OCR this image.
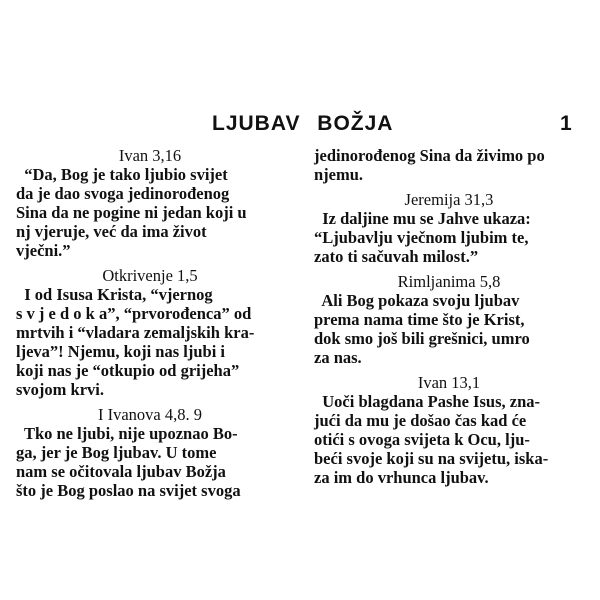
LJUBAV BOŽJA	1
Ivan 3,16
“Da, Bog je tako ljubio svijet
da je dao svoga jedinorođenog
Sina da ne pogine ni jedan koji u
nj vjeruje, već da ima život
vječni.”
Otkrivenje 1,5
I od Isusa Krista, “vjernog
s v j e d o k a”, “prvorođenca” od
mrtvih i “vladara zemaljskih kra-
ljeva”! Njemu, koji nas ljubi i
koji nas je “otkupio od grijeha”
svojom krvi.
I Ivanova 4,8. 9
Tko ne ljubi, nije upoznao Bo-
ga, jer je Bog ljubav. U tome
nam se očitovala ljubav Božja
što je Bog poslao na svijet svoga
jedinorođenog Sina da živimo po
njemu.
Jeremija 31,3
Iz daljine mu se Jahve ukaza:
“Ljubavlju vječnom ljubim te,
zato ti sačuvah milost.”
Rimljanima 5,8
Ali Bog pokaza svoju ljubav
prema nama time što je Krist,
dok smo još bili grešnici, umro
za nas.
Ivan 13,1
Uoči blagdana Pashe Isus, zna-
jući da mu je došao čas kad će
otići s ovoga svijeta k Ocu, lju-
beći svoje koji su na svijetu, iska-
za im do vrhunca ljubav.
